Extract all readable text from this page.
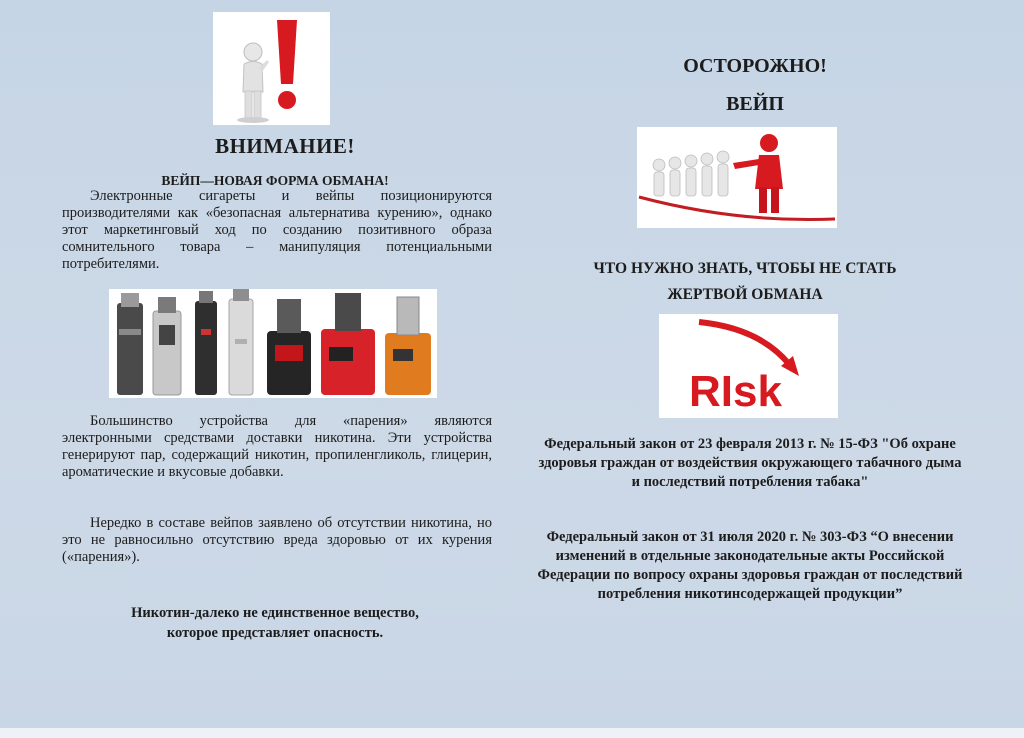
ВНИМАНИЕ!
ВЕЙП—НОВАЯ ФОРМА ОБМАНА!

Электронные сигареты и вейпы позиционируются производителями как «безопасная альтернатива курению», однако этот маркетинговый ход по созданию позитивного образа сомнительного товара – манипуляция потенциальными потребителями.

Большинство устройства для «парения» являются электронными средствами доставки никотина. Эти устройства генерируют пар, содержащий никотин, пропиленгликоль, глицерин, ароматические и вкусовые добавки.

Нередко в составе вейпов заявлено об отсутствии никотина, но это не равносильно отсутствию вреда здоровью от их курения («парения»).

Никотин-далеко не единственное вещество,
которое представляет опасность.
ОСТОРОЖНО!
ВЕЙП
ЧТО НУЖНО ЗНАТЬ, ЧТОБЫ НЕ СТАТЬ
ЖЕРТВОЙ ОБМАНА
RIsk
Федеральный закон от 23 февраля 2013 г. № 15-ФЗ "Об охране здоровья граждан от воздействия окружающего табачного дыма и последствий потребления табака"
Федеральный закон от 31 июля 2020 г. № 303-ФЗ “О внесении изменений в отдельные законодательные акты Российской Федерации по вопросу охраны здоровья граждан от последствий потребления никотинсодержащей продукции”
